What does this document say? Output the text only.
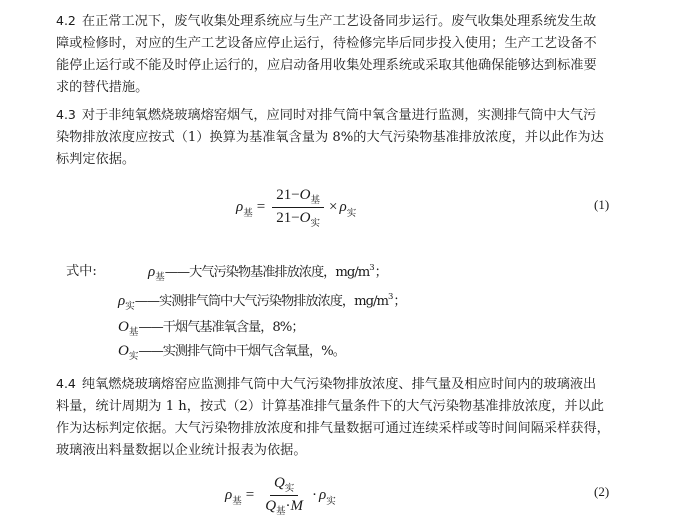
4.2 在正常工况下，废气收集处理系统应与生产工艺设备同步运行。废气收集处理系统发生故
障或检修时，对应的生产工艺设备应停止运行，待检修完毕后同步投入使用；生产工艺设备不
能停止运行或不能及时停止运行的，应启动备用收集处理系统或采取其他确保能够达到标准要
求的替代措施。
4.3 对于非纯氧燃烧玻璃熔窑烟气，应同时对排气筒中氧含量进行监测，实测排气筒中大气污
染物排放浓度应按式（1）换算为基准氧含量为 8%的大气污染物基准排放浓度，并以此作为达
标判定依据。
ρ 基 = $\frac{21-O_基}{21-O_实} \times \rho$ 实
(1)
式中:	$\rho_基——$大气污染物基准排放浓度，$mg/m^3$；
$\rho_实——$实测排气筒中大气污染物排放浓度，$mg/m^3$；
$O_基——$干烟气基准氧含量，8%；
$O_实——$实测排气筒中干烟气含氧量，%。
4.4 纯氧燃烧玻璃熔窑应监测排气筒中大气污染物排放浓度、排气量及相应时间内的玻璃液出
料量，统计周期为 1 h，按式（2）计算基准排气量条件下的大气污染物基准排放浓度，并以此
作为达标判定依据。大气污染物排放浓度和排气量数据可通过连续采样或等时间间隔采样获得，
玻璃液出料量数据以企业统计报表为依据。
ρ 基 = $\frac{Q_实}{Q_基\cdot M} \cdot \rho$ 实
(2)
